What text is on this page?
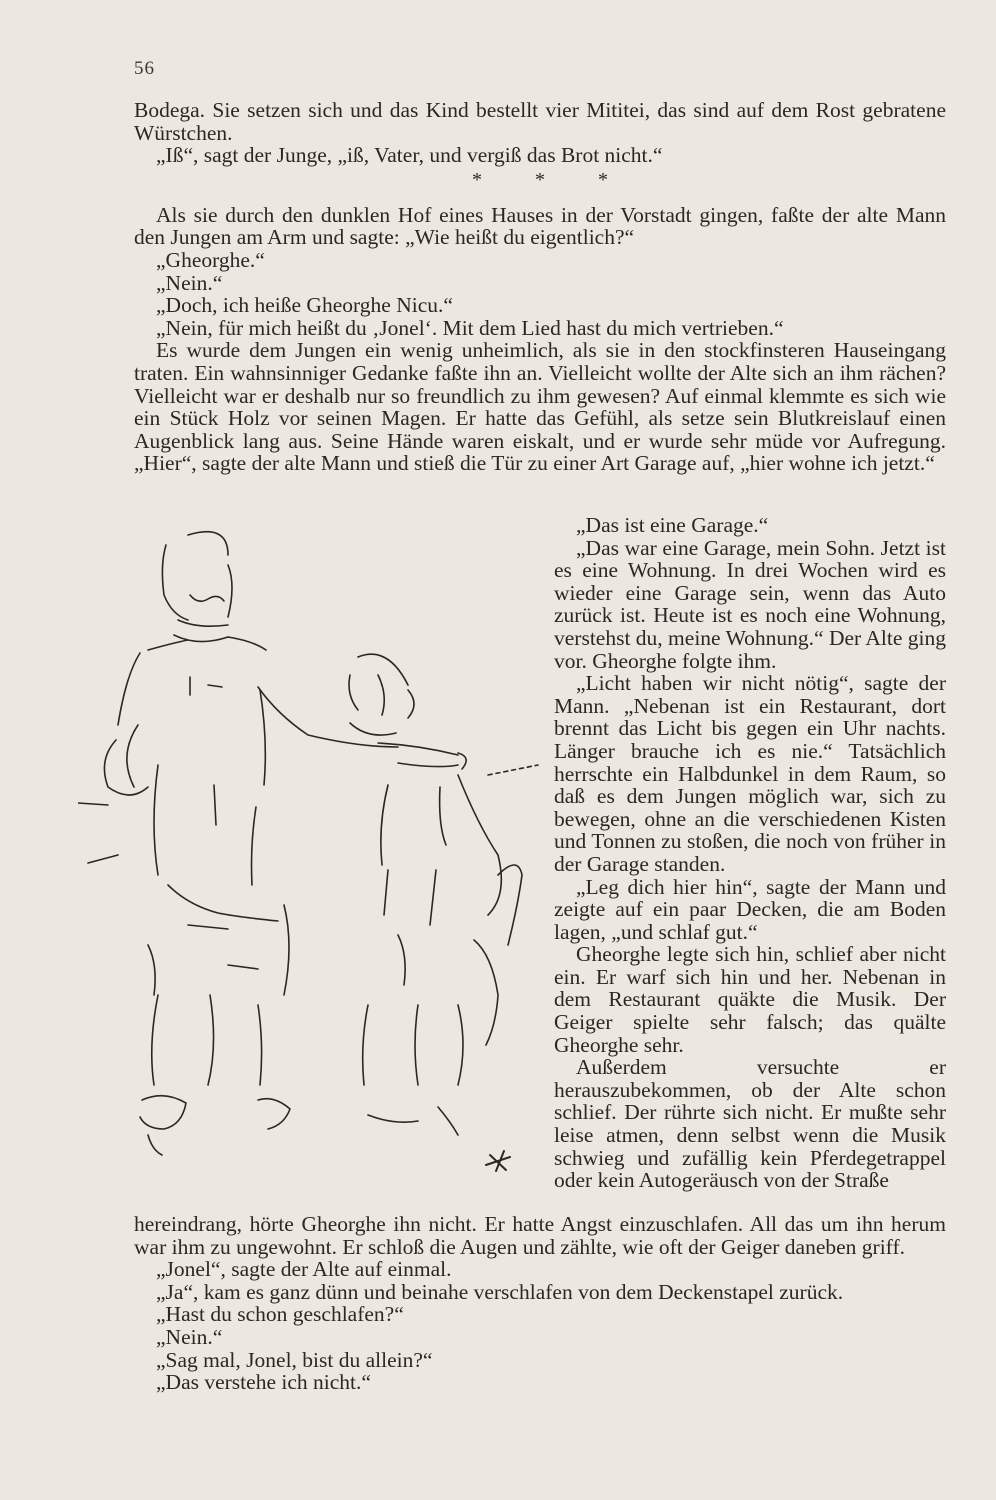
56

Bodega. Sie setzen sich und das Kind bestellt vier Mititei, das sind auf dem Rost gebratene Würstchen.

„Iß“, sagt der Junge, „iß, Vater, und vergiß das Brot nicht.“

* * *

Als sie durch den dunklen Hof eines Hauses in der Vorstadt gingen, faßte der alte Mann den Jungen am Arm und sagte: „Wie heißt du eigentlich?“

„Gheorghe.“

„Nein.“

„Doch, ich heiße Gheorghe Nicu.“

„Nein, für mich heißt du ‚Jonel‘. Mit dem Lied hast du mich vertrieben.“

Es wurde dem Jungen ein wenig unheimlich, als sie in den stockfinsteren Hauseingang traten. Ein wahnsinniger Gedanke faßte ihn an. Vielleicht wollte der Alte sich an ihm rächen? Vielleicht war er deshalb nur so freundlich zu ihm gewesen? Auf einmal klemmte es sich wie ein Stück Holz vor seinen Magen. Er hatte das Gefühl, als setze sein Blutkreislauf einen Augenblick lang aus. Seine Hände waren eiskalt, und er wurde sehr müde vor Aufregung. „Hier“, sagte der alte Mann und stieß die Tür zu einer Art Garage auf, „hier wohne ich jetzt.“

„Das ist eine Garage.“

„Das war eine Garage, mein Sohn. Jetzt ist es eine Wohnung. In drei Wochen wird es wieder eine Garage sein, wenn das Auto zurück ist. Heute ist es noch eine Wohnung, verstehst du, meine Wohnung.“ Der Alte ging vor. Gheorghe folgte ihm.

„Licht haben wir nicht nötig“, sagte der Mann. „Nebenan ist ein Restaurant, dort brennt das Licht bis gegen ein Uhr nachts. Länger brauche ich es nie.“ Tatsächlich herrschte ein Halbdunkel in dem Raum, so daß es dem Jungen möglich war, sich zu bewegen, ohne an die verschiedenen Kisten und Tonnen zu stoßen, die noch von früher in der Garage standen.

„Leg dich hier hin“, sagte der Mann und zeigte auf ein paar Decken, die am Boden lagen, „und schlaf gut.“

Gheorghe legte sich hin, schlief aber nicht ein. Er warf sich hin und her. Nebenan in dem Restaurant quäkte die Musik. Der Geiger spielte sehr falsch; das quälte Gheorghe sehr.

Außerdem versuchte er herauszubekommen, ob der Alte schon schlief. Der rührte sich nicht. Er mußte sehr leise atmen, denn selbst wenn die Musik schwieg und zufällig kein Pferdegetrappel oder kein Autogeräusch von der Straße

hereindrang, hörte Gheorghe ihn nicht. Er hatte Angst einzuschlafen. All das um ihn herum war ihm zu ungewohnt. Er schloß die Augen und zählte, wie oft der Geiger daneben griff.

„Jonel“, sagte der Alte auf einmal.

„Ja“, kam es ganz dünn und beinahe verschlafen von dem Deckenstapel zurück.

„Hast du schon geschlafen?“

„Nein.“

„Sag mal, Jonel, bist du allein?“

„Das verstehe ich nicht.“
